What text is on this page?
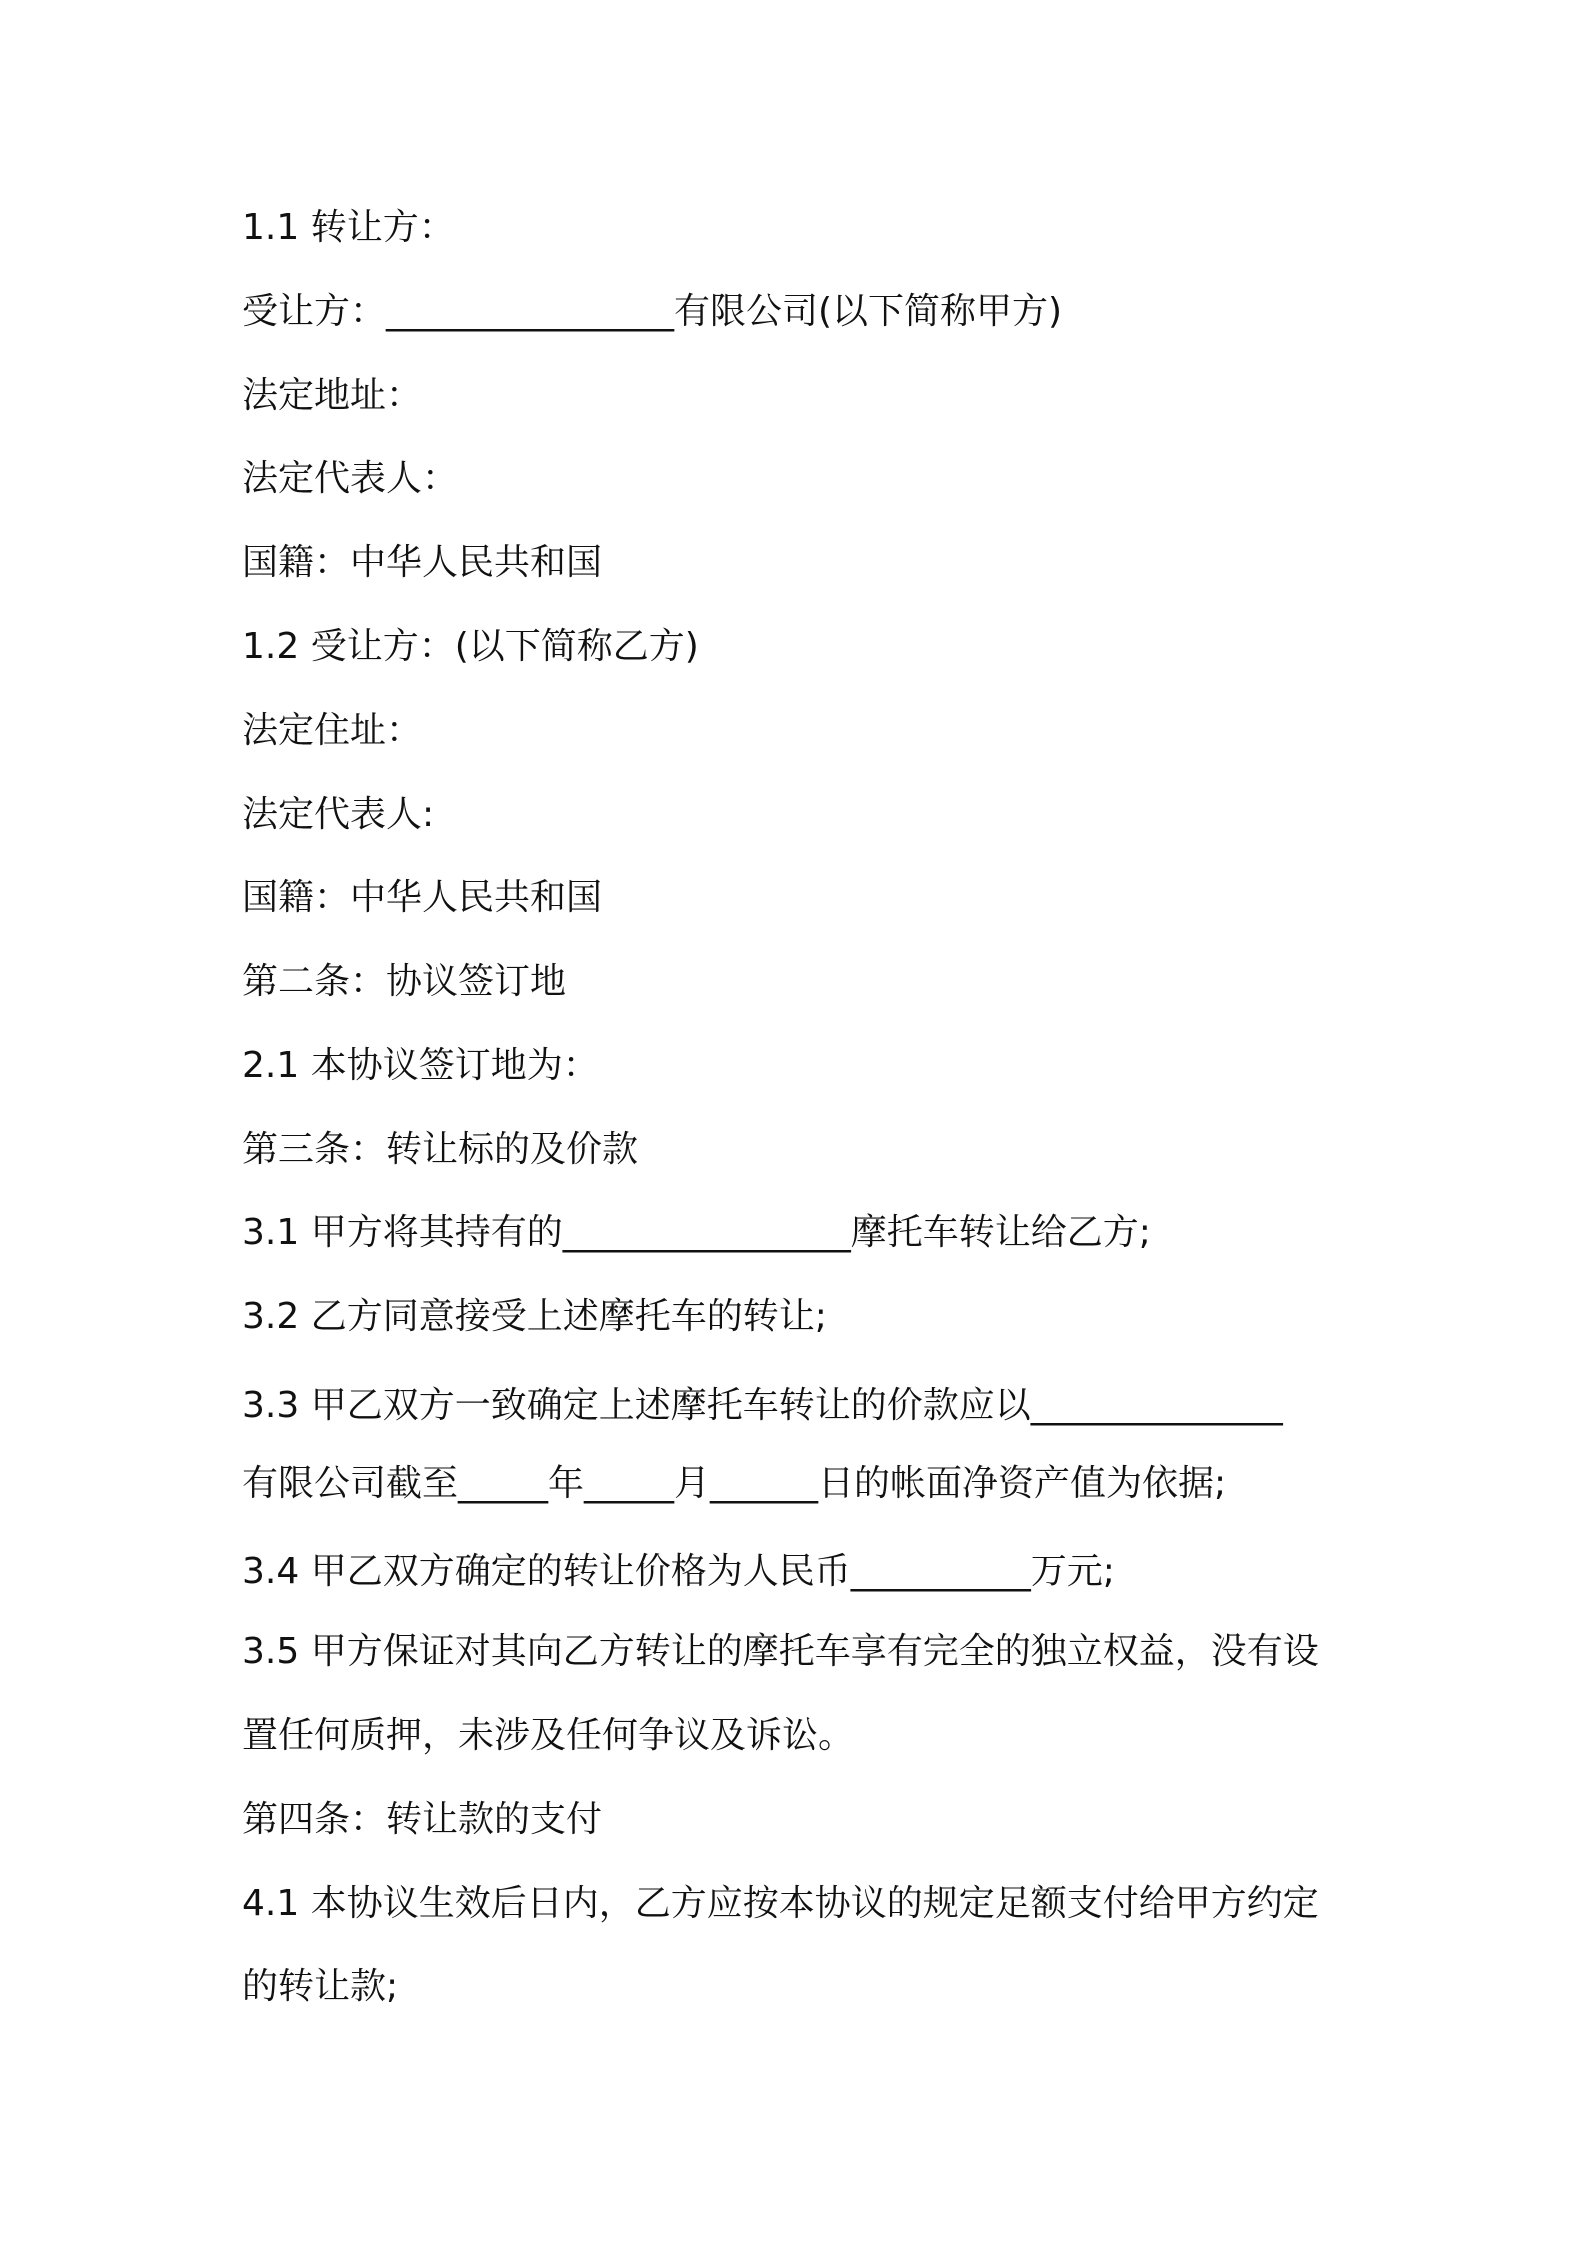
1.1 转让方：
受让方：________________有限公司(以下简称甲方)
法定地址：
法定代表人：
国籍：中华人民共和国
1.2 受让方：(以下简称乙方)
法定住址：
法定代表人:
国籍：中华人民共和国
第二条：协议签订地
2.1 本协议签订地为：
第三条：转让标的及价款
3.1 甲方将其持有的________________摩托车转让给乙方;
3.2 乙方同意接受上述摩托车的转让;
3.3 甲乙双方一致确定上述摩托车转让的价款应以______________
有限公司截至_____年_____月______日的帐面净资产值为依据;
3.4 甲乙双方确定的转让价格为人民币__________万元;
3.5 甲方保证对其向乙方转让的摩托车享有完全的独立权益，没有设
置任何质押，未涉及任何争议及诉讼。
第四条：转让款的支付
4.1 本协议生效后日内，乙方应按本协议的规定足额支付给甲方约定
的转让款;
